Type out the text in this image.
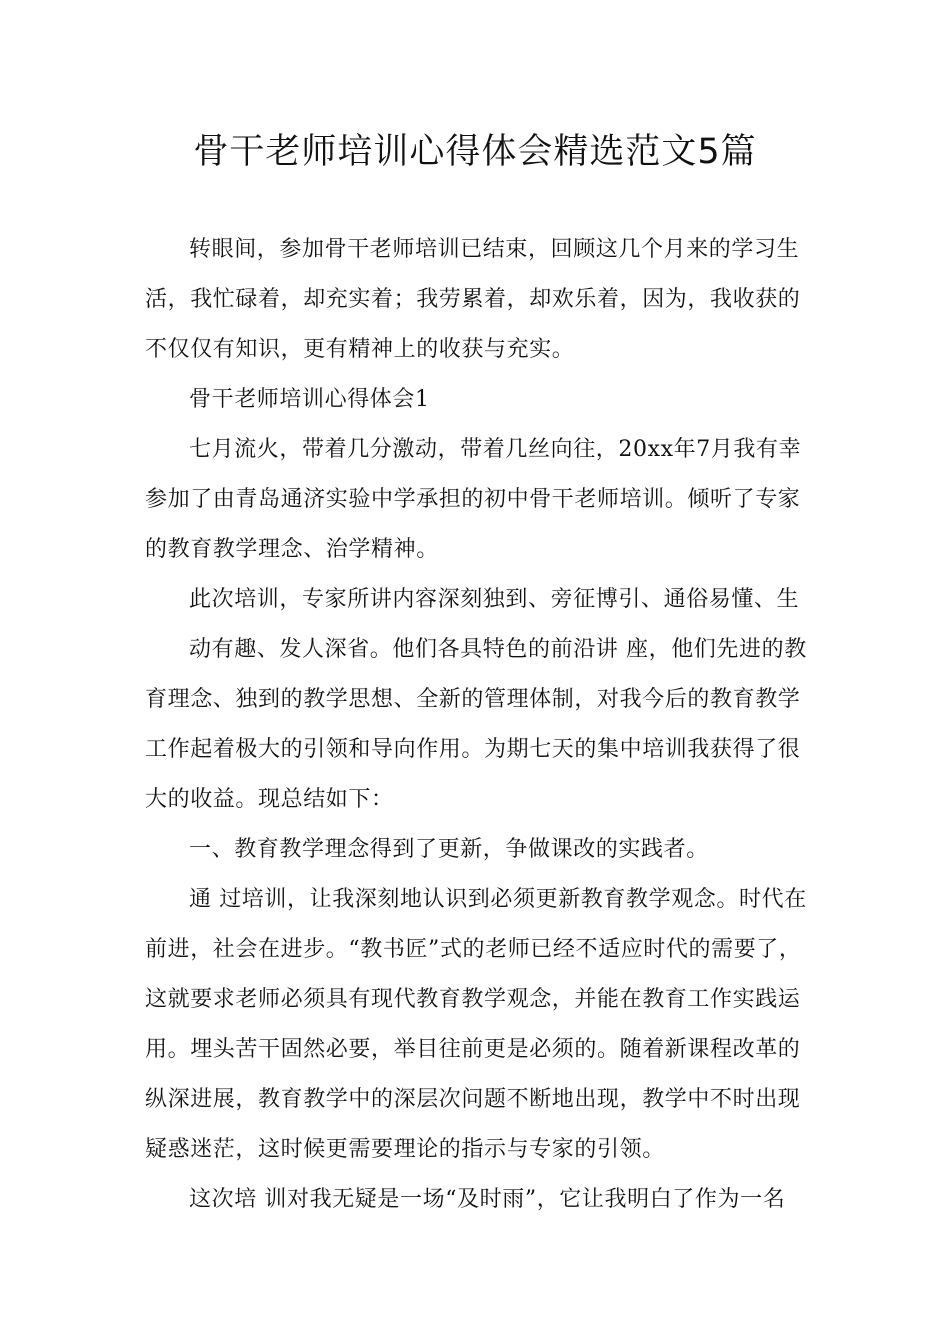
骨干老师培训心得体会精选范文5篇

转眼间，参加骨干老师培训已结束，回顾这几个月来的学习生

活，我忙碌着，却充实着；我劳累着，却欢乐着，因为，我收获的

不仅仅有知识，更有精神上的收获与充实。

骨干老师培训心得体会1

七月流火，带着几分激动，带着几丝向往，20xx年7月我有幸

参加了由青岛通济实验中学承担的初中骨干老师培训。倾听了专家

的教育教学理念、治学精神。

此次培训，专家所讲内容深刻独到、旁征博引、通俗易懂、生

动有趣、发人深省。他们各具特色的前沿讲 座，他们先进的教

育理念、独到的教学思想、全新的管理体制，对我今后的教育教学

工作起着极大的引领和导向作用。为期七天的集中培训我获得了很

大的收益。现总结如下：

一、教育教学理念得到了更新，争做课改的实践者。

通 过培训，让我深刻地认识到必须更新教育教学观念。时代在

前进，社会在进步。“教书匠”式的老师已经不适应时代的需要了，

这就要求老师必须具有现代教育教学观念，并能在教育工作实践运

用。埋头苦干固然必要，举目往前更是必须的。随着新课程改革的

纵深进展，教育教学中的深层次问题不断地出现，教学中不时出现

疑惑迷茫，这时候更需要理论的指示与专家的引领。

这次培 训对我无疑是一场“及时雨”，它让我明白了作为一名
